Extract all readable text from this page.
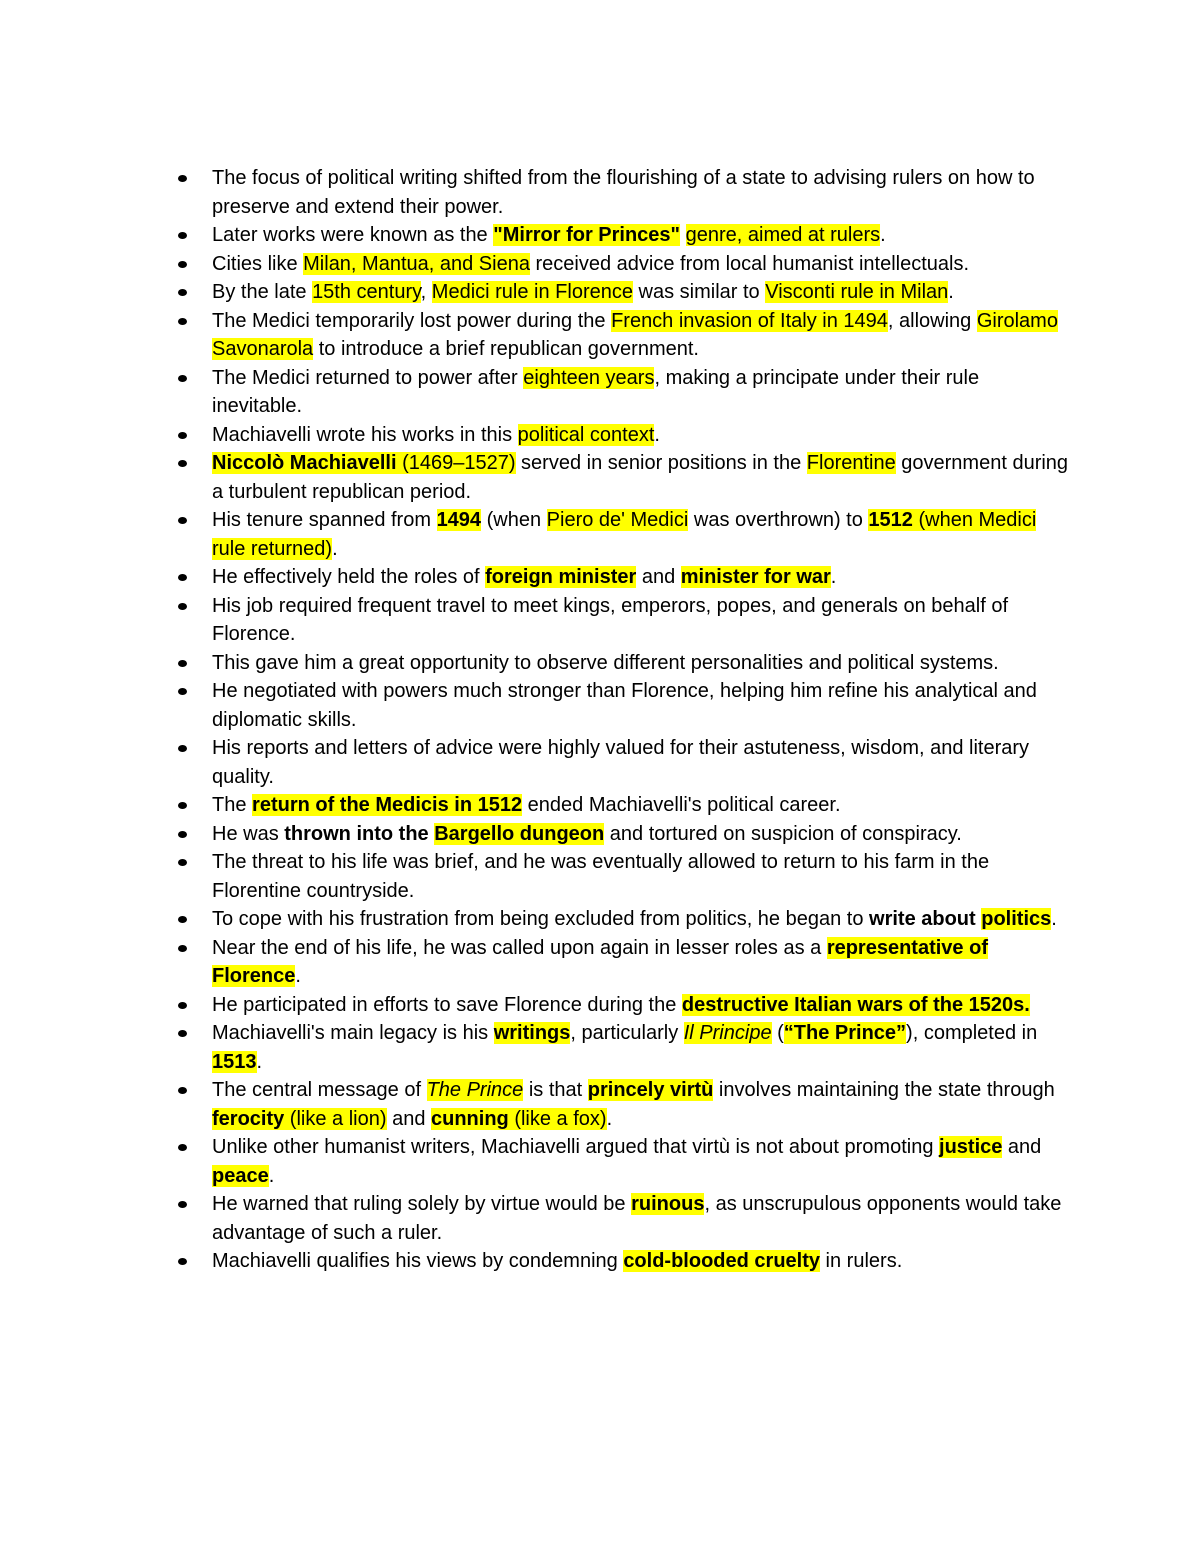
The focus of political writing shifted from the flourishing of a state to advising rulers on how to preserve and extend their power.
Later works were known as the "Mirror for Princes" genre, aimed at rulers.
Cities like Milan, Mantua, and Siena received advice from local humanist intellectuals.
By the late 15th century, Medici rule in Florence was similar to Visconti rule in Milan.
The Medici temporarily lost power during the French invasion of Italy in 1494, allowing Girolamo Savonarola to introduce a brief republican government.
The Medici returned to power after eighteen years, making a principate under their rule inevitable.
Machiavelli wrote his works in this political context.
Niccolò Machiavelli (1469–1527) served in senior positions in the Florentine government during a turbulent republican period.
His tenure spanned from 1494 (when Piero de' Medici was overthrown) to 1512 (when Medici rule returned).
He effectively held the roles of foreign minister and minister for war.
His job required frequent travel to meet kings, emperors, popes, and generals on behalf of Florence.
This gave him a great opportunity to observe different personalities and political systems.
He negotiated with powers much stronger than Florence, helping him refine his analytical and diplomatic skills.
His reports and letters of advice were highly valued for their astuteness, wisdom, and literary quality.
The return of the Medicis in 1512 ended Machiavelli's political career.
He was thrown into the Bargello dungeon and tortured on suspicion of conspiracy.
The threat to his life was brief, and he was eventually allowed to return to his farm in the Florentine countryside.
To cope with his frustration from being excluded from politics, he began to write about politics.
Near the end of his life, he was called upon again in lesser roles as a representative of Florence.
He participated in efforts to save Florence during the destructive Italian wars of the 1520s.
Machiavelli's main legacy is his writings, particularly Il Principe (“The Prince”), completed in 1513.
The central message of The Prince is that princely virtù involves maintaining the state through ferocity (like a lion) and cunning (like a fox).
Unlike other humanist writers, Machiavelli argued that virtù is not about promoting justice and peace.
He warned that ruling solely by virtue would be ruinous, as unscrupulous opponents would take advantage of such a ruler.
Machiavelli qualifies his views by condemning cold-blooded cruelty in rulers.
